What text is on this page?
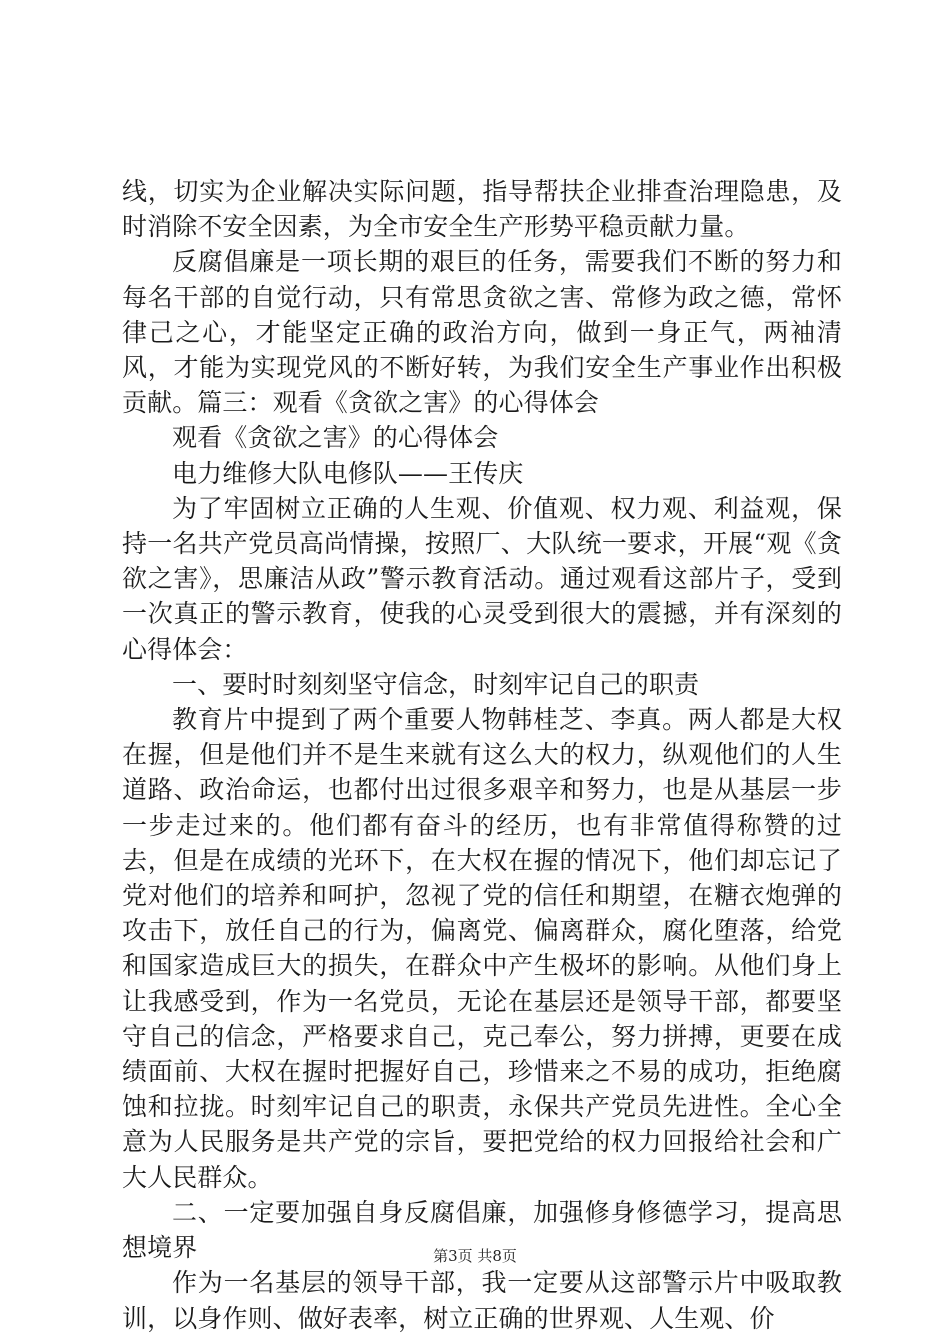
线，切实为企业解决实际问题，指导帮扶企业排查治理隐患，及时消除不安全因素，为全市安全生产形势平稳贡献力量。

反腐倡廉是一项长期的艰巨的任务，需要我们不断的努力和每名干部的自觉行动，只有常思贪欲之害、常修为政之德，常怀律己之心，才能坚定正确的政治方向，做到一身正气，两袖清风，才能为实现党风的不断好转，为我们安全生产事业作出积极贡献。篇三：观看《贪欲之害》的心得体会

观看《贪欲之害》的心得体会

电力维修大队电修队——王传庆

为了牢固树立正确的人生观、价值观、权力观、利益观，保持一名共产党员高尚情操，按照厂、大队统一要求，开展“观《贪欲之害》，思廉洁从政”警示教育活动。通过观看这部片子，受到一次真正的警示教育，使我的心灵受到很大的震撼，并有深刻的心得体会：

一、要时时刻刻坚守信念，时刻牢记自己的职责

教育片中提到了两个重要人物韩桂芝、李真。两人都是大权在握，但是他们并不是生来就有这么大的权力，纵观他们的人生道路、政治命运，也都付出过很多艰辛和努力，也是从基层一步一步走过来的。他们都有奋斗的经历，也有非常值得称赞的过去，但是在成绩的光环下，在大权在握的情况下，他们却忘记了党对他们的培养和呵护，忽视了党的信任和期望，在糖衣炮弹的攻击下，放任自己的行为，偏离党、偏离群众，腐化堕落，给党和国家造成巨大的损失，在群众中产生极坏的影响。从他们身上让我感受到，作为一名党员，无论在基层还是领导干部，都要坚守自己的信念，严格要求自己，克己奉公，努力拼搏，更要在成绩面前、大权在握时把握好自己，珍惜来之不易的成功，拒绝腐蚀和拉拢。时刻牢记自己的职责，永保共产党员先进性。全心全意为人民服务是共产党的宗旨，要把党给的权力回报给社会和广大人民群众。

二、一定要加强自身反腐倡廉，加强修身修德学习，提高思想境界

作为一名基层的领导干部，我一定要从这部警示片中吸取教训，以身作则、做好表率，树立正确的世界观、人生观、价

第3页 共8页
